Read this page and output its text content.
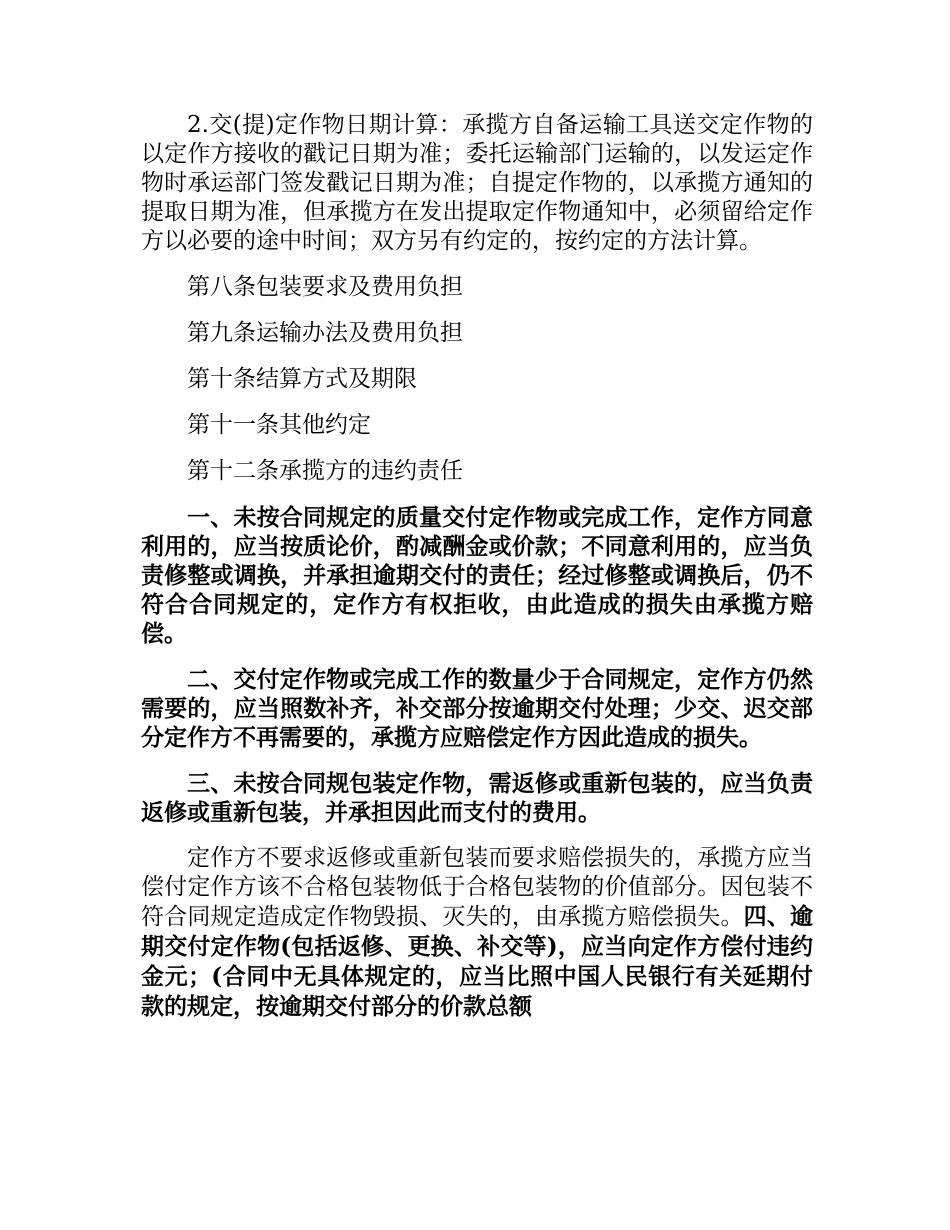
2.交(提)定作物日期计算：承揽方自备运输工具送交定作物的以定作方接收的戳记日期为准；委托运输部门运输的，以发运定作物时承运部门签发戳记日期为准；自提定作物的，以承揽方通知的提取日期为准，但承揽方在发出提取定作物通知中，必须留给定作方以必要的途中时间；双方另有约定的，按约定的方法计算。

第八条包装要求及费用负担

第九条运输办法及费用负担

第十条结算方式及期限

第十一条其他约定

第十二条承揽方的违约责任

一、未按合同规定的质量交付定作物或完成工作，定作方同意利用的，应当按质论价，酌减酬金或价款；不同意利用的，应当负责修整或调换，并承担逾期交付的责任；经过修整或调换后，仍不符合合同规定的，定作方有权拒收，由此造成的损失由承揽方赔偿。

二、交付定作物或完成工作的数量少于合同规定，定作方仍然需要的，应当照数补齐，补交部分按逾期交付处理；少交、迟交部分定作方不再需要的，承揽方应赔偿定作方因此造成的损失。

三、未按合同规包装定作物，需返修或重新包装的，应当负责返修或重新包装，并承担因此而支付的费用。

定作方不要求返修或重新包装而要求赔偿损失的，承揽方应当偿付定作方该不合格包装物低于合格包装物的价值部分。因包装不符合同规定造成定作物毁损、灭失的，由承揽方赔偿损失。四、逾期交付定作物(包括返修、更换、补交等)，应当向定作方偿付违约金元；(合同中无具体规定的，应当比照中国人民银行有关延期付款的规定，按逾期交付部分的价款总额
